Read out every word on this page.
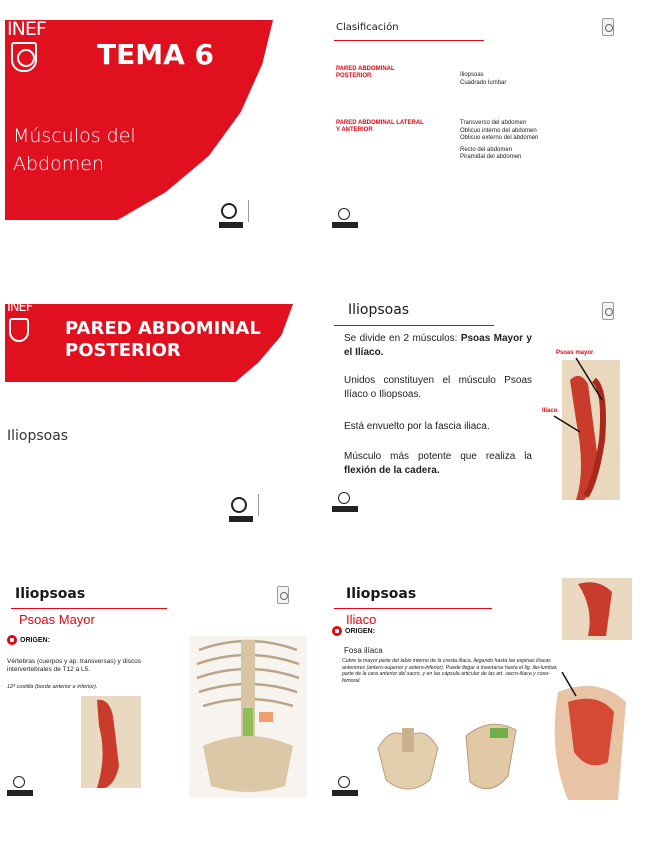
INEF
TEMA 6
Músculos del Abdomen
Clasificación
PARED ABDOMINAL POSTERIOR	Iliopsoas
Cuadrado lumbar
PARED ABDOMINAL LATERAL Y ANTERIOR
Transverso del abdomen
Oblicuo interno del abdomen
Oblicuo externo del abdomen
Recto del abdomen
Piramidal del abdomen
INEF
PARED ABDOMINAL POSTERIOR
Iliopsoas
Iliopsoas
Se divide en 2 músculos: Psoas Mayor y el Ilíaco.
Unidos constituyen el músculo Psoas Ilíaco o Iliopsoas.
Está envuelto por la fascia iliaca.
Músculo más potente que realiza la flexión de la cadera.
Psoas mayor
Iliaco
Iliopsoas
Psoas Mayor
ORIGEN:
Vértebras (cuerpos y ap. transversas) y discos intervertebrales de T12 a L5.
12ª costilla (borde anterior e inferior).
Iliopsoas
Iliaco
ORIGEN:
Fosa ilíaca
Cubre la mayor parte del labio interno de la cresta ilíaca, llegando hasta las espinas ilíacas anteriores (antero-superior y antero-inferior). Puede llegar a insertarse hasta el lig. ilio-lumbar, parte de la cara anterior del sacro, y en las cápsula articular de las art. sacro-ilíaca y coxo-femoral.
